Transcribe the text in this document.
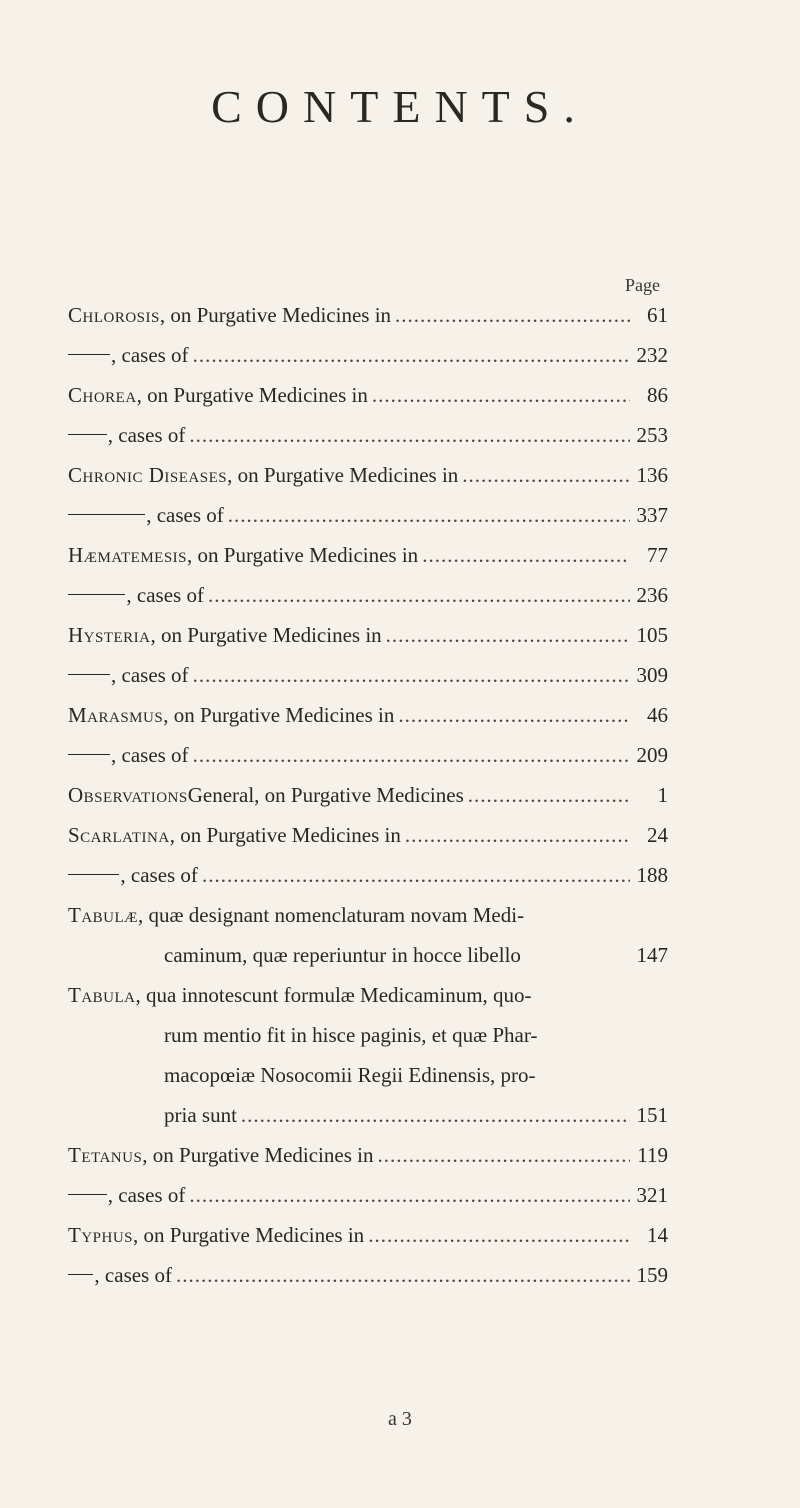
CONTENTS.
Page
Chlorosis , on Purgative Medicines in .....	61
, cases of .....	232
Chorea , on Purgative Medicines in .....	86
, cases of .....	253
Chronic Diseases , on Purgative Medicines in .....	136
, cases of .....	337
Hæmatemesis , on Purgative Medicines in .....	77
, cases of .....	236
Hysteria , on Purgative Medicines in .....	105
, cases of .....	309
Marasmus , on Purgative Medicines in .....	46
, cases of .....	209
Observations General, on Purgative Medicines .....	1
Scarlatina , on Purgative Medicines in .....	24
, cases of .....	188
Tabulæ , quæ designant nomenclaturam novam Medi-
caminum, quæ reperiuntur in hocce libello	147
Tabula , qua innotescunt formulæ Medicaminum, quo-
rum mentio fit in hisce paginis, et quæ Phar-
macopœiæ Nosocomii Regii Edinensis, pro-
pria sunt .....	151
Tetanus , on Purgative Medicines in .....	119
, cases of .....	321
Typhus , on Purgative Medicines in .....	14
, cases of .....	159
a 3
